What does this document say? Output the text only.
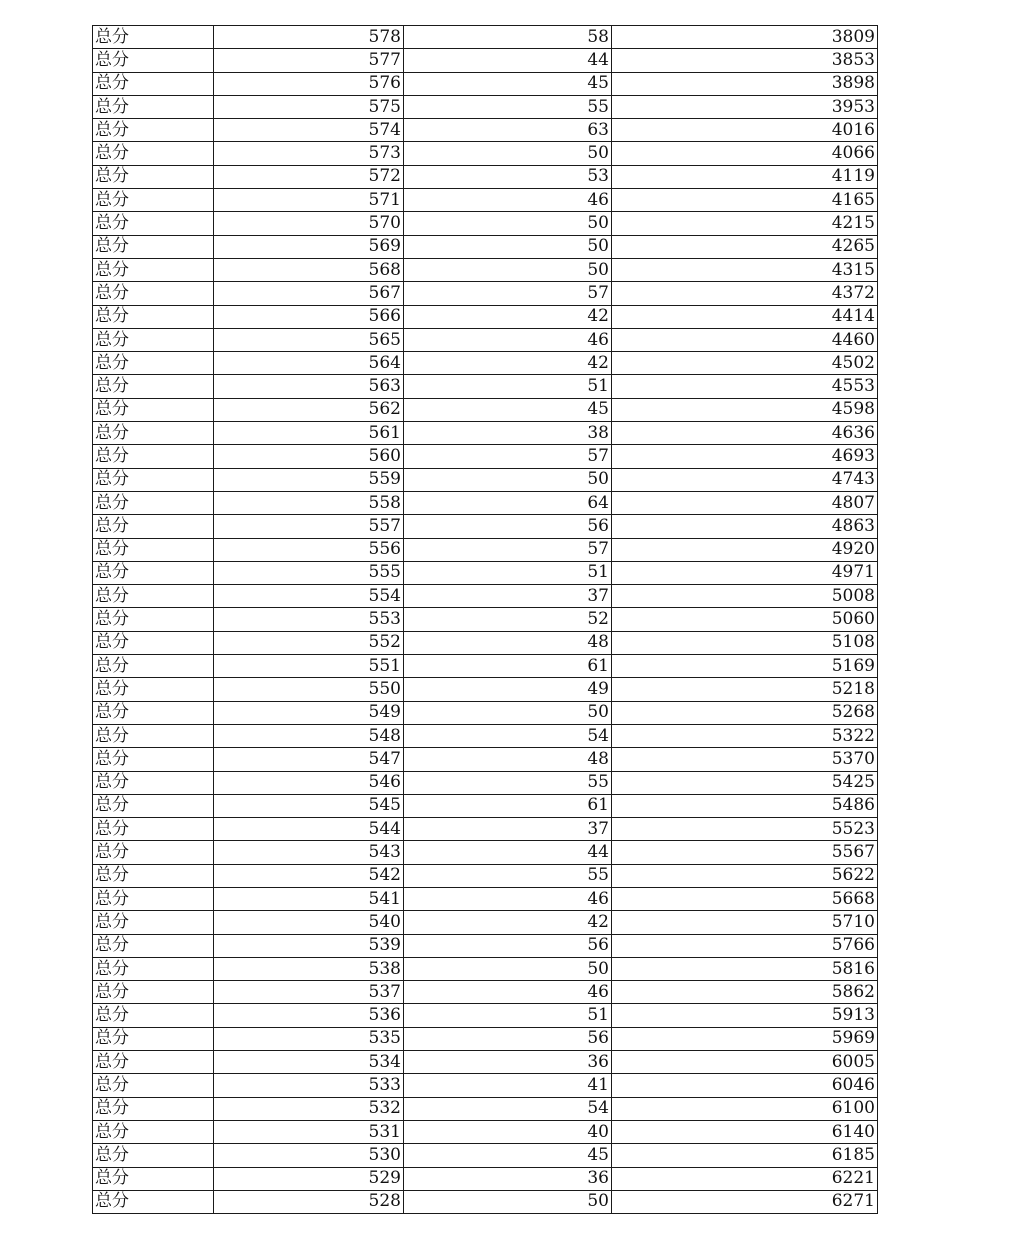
总分	578	58	3809
总分	577	44	3853
总分	576	45	3898
总分	575	55	3953
总分	574	63	4016
总分	573	50	4066
总分	572	53	4119
总分	571	46	4165
总分	570	50	4215
总分	569	50	4265
总分	568	50	4315
总分	567	57	4372
总分	566	42	4414
总分	565	46	4460
总分	564	42	4502
总分	563	51	4553
总分	562	45	4598
总分	561	38	4636
总分	560	57	4693
总分	559	50	4743
总分	558	64	4807
总分	557	56	4863
总分	556	57	4920
总分	555	51	4971
总分	554	37	5008
总分	553	52	5060
总分	552	48	5108
总分	551	61	5169
总分	550	49	5218
总分	549	50	5268
总分	548	54	5322
总分	547	48	5370
总分	546	55	5425
总分	545	61	5486
总分	544	37	5523
总分	543	44	5567
总分	542	55	5622
总分	541	46	5668
总分	540	42	5710
总分	539	56	5766
总分	538	50	5816
总分	537	46	5862
总分	536	51	5913
总分	535	56	5969
总分	534	36	6005
总分	533	41	6046
总分	532	54	6100
总分	531	40	6140
总分	530	45	6185
总分	529	36	6221
总分	528	50	6271
